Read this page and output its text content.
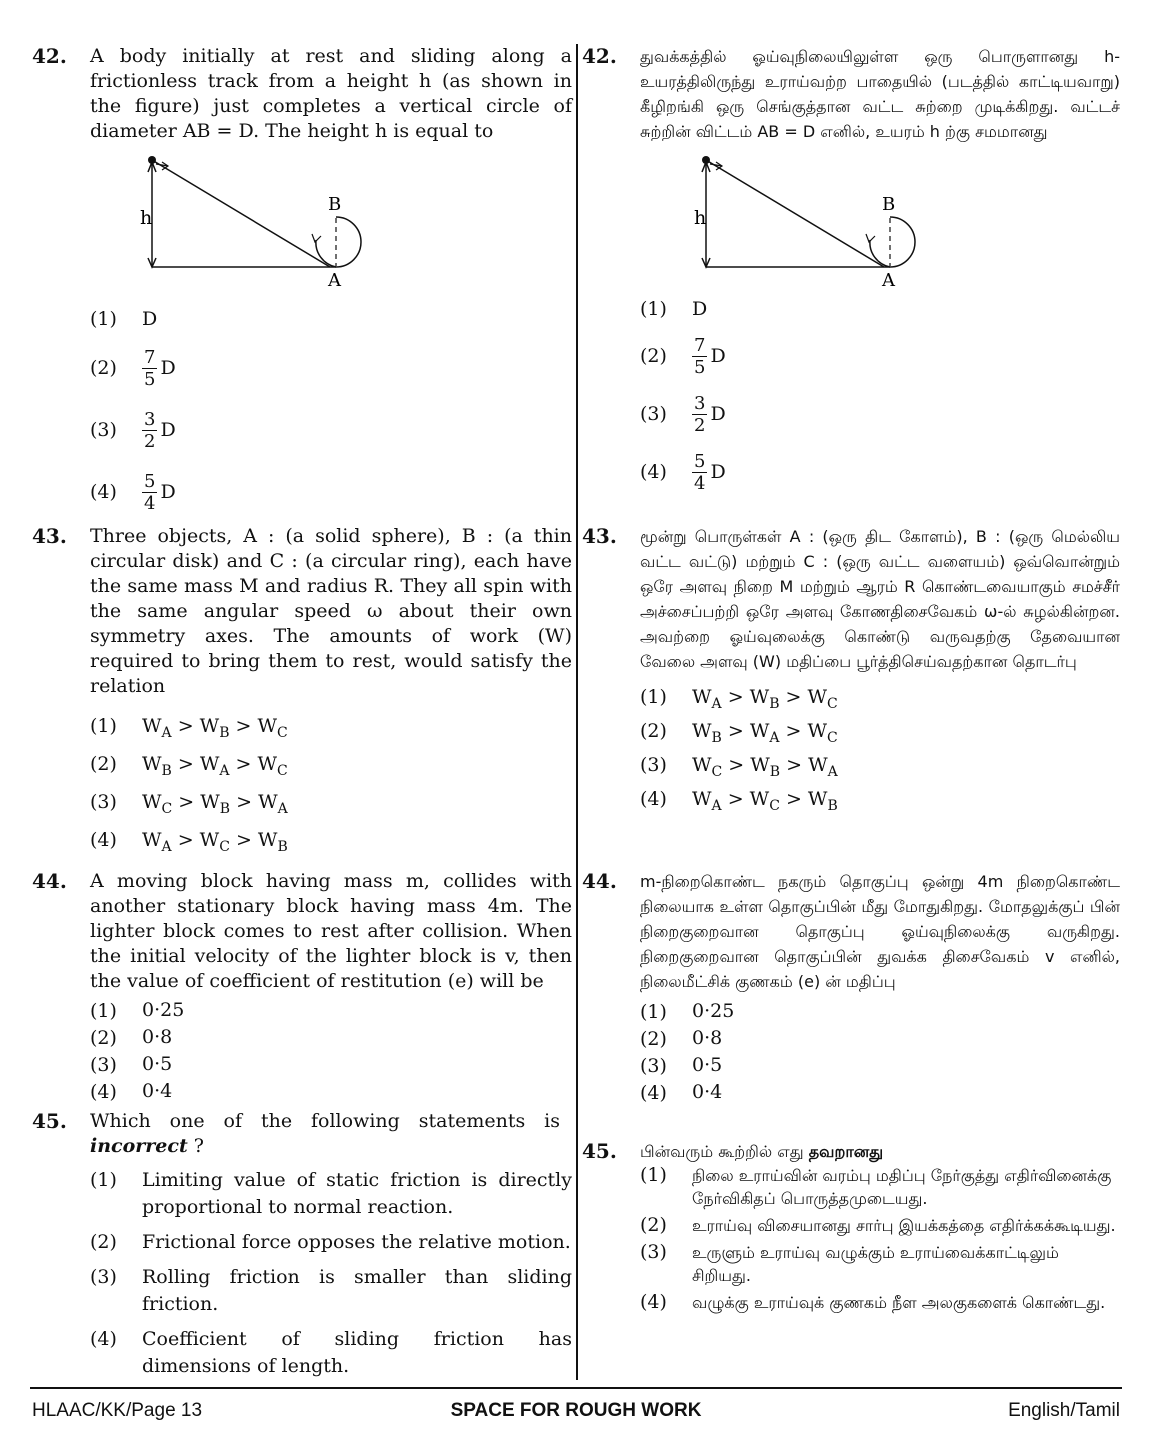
42. A body initially at rest and sliding along a frictionless track from a height h (as shown in the figure) just completes a vertical circle of diameter AB = D. The height h is equal to
h
B
A
(1)	D
(2)	$\frac{7}{5}$ D
(3)	$\frac{3}{2}$ D
(4)	$\frac{5}{4}$ D
43. Three objects, A : (a solid sphere), B : (a thin circular disk) and C : (a circular ring), each have the same mass M and radius R. They all spin with the same angular speed ω about their own symmetry axes. The amounts of work (W) required to bring them to rest, would satisfy the relation
(1)	$W_A > W_B > W_C$
(2)	$W_B > W_A > W_C$
(3)	$W_C > W_B > W_A$
(4)	$W_A > W_C > W_B$
44. A moving block having mass m, collides with another stationary block having mass 4m. The lighter block comes to rest after collision. When the initial velocity of the lighter block is v, then the value of coefficient of restitution (e) will be
(1)	0·25
(2)	0·8
(3)	0·5
(4)	0·4
45. Which one of the following statements is
incorrect ?
(1)	Limiting value of static friction is directly proportional to normal reaction.
(2)	Frictional force opposes the relative motion.
(3)	Rolling friction is smaller than sliding friction.
(4)	Coefficient of sliding friction has dimensions of length.
42. துவக்கத்தில் ஓய்வுநிலையிலுள்ள ஒரு பொருளானது h-உயரத்திலிருந்து உராய்வற்ற பாதையில் (படத்தில் காட்டியவாறு) கீழிறங்கி ஒரு செங்குத்தான வட்ட சுற்றை முடிக்கிறது. வட்டச் சுற்றின் விட்டம் AB = D எனில், உயரம் h ற்கு சமமானது
h
B
A
(1)	D
(2)	$\frac{7}{5}$ D
(3)	$\frac{3}{2}$ D
(4)	$\frac{5}{4}$ D
43. மூன்று பொருள்கள் A : (ஒரு திட கோளம்), B : (ஒரு மெல்லிய வட்ட வட்டு) மற்றும் C : (ஒரு வட்ட வளையம்) ஒவ்வொன்றும் ஒரே அளவு நிறை M மற்றும் ஆரம் R கொண்டவையாகும் சமச்சீர் அச்சைப்பற்றி ஒரே அளவு கோணதிசைவேகம் ω-ல் சுழல்கின்றன. அவற்றை ஓய்வுலைக்கு கொண்டு வருவதற்கு தேவையான வேலை அளவு (W) மதிப்பை பூர்த்திசெய்வதற்கான தொடர்பு
(1)	$W_A > W_B > W_C$
(2)	$W_B > W_A > W_C$
(3)	$W_C > W_B > W_A$
(4)	$W_A > W_C > W_B$
44. m-நிறைகொண்ட நகரும் தொகுப்பு ஒன்று 4m நிறைகொண்ட நிலையாக உள்ள தொகுப்பின் மீது மோதுகிறது. மோதலுக்குப் பின் நிறைகுறைவான தொகுப்பு ஓய்வுநிலைக்கு வருகிறது. நிறைகுறைவான தொகுப்பின் துவக்க திசைவேகம் v எனில், நிலைமீட்சிக் குணகம் (e) ன் மதிப்பு
(1)	0·25
(2)	0·8
(3)	0·5
(4)	0·4
45. பின்வரும் கூற்றில் எது தவறானது
(1)	நிலை உராய்வின் வரம்பு மதிப்பு நேர்குத்து எதிர்வினைக்கு நேர்விகிதப் பொருத்தமுடையது.
(2)	உராய்வு விசையானது சார்பு இயக்கத்தை எதிர்க்கக்கூடியது.
(3)	உருளும் உராய்வு வழுக்கும் உராய்வைக்காட்டிலும் சிறியது.
(4)	வழுக்கு உராய்வுக் குணகம் நீள அலகுகளைக் கொண்டது.
SPACE FOR ROUGH WORK
HLAAC/KK/Page 13	English/Tamil
